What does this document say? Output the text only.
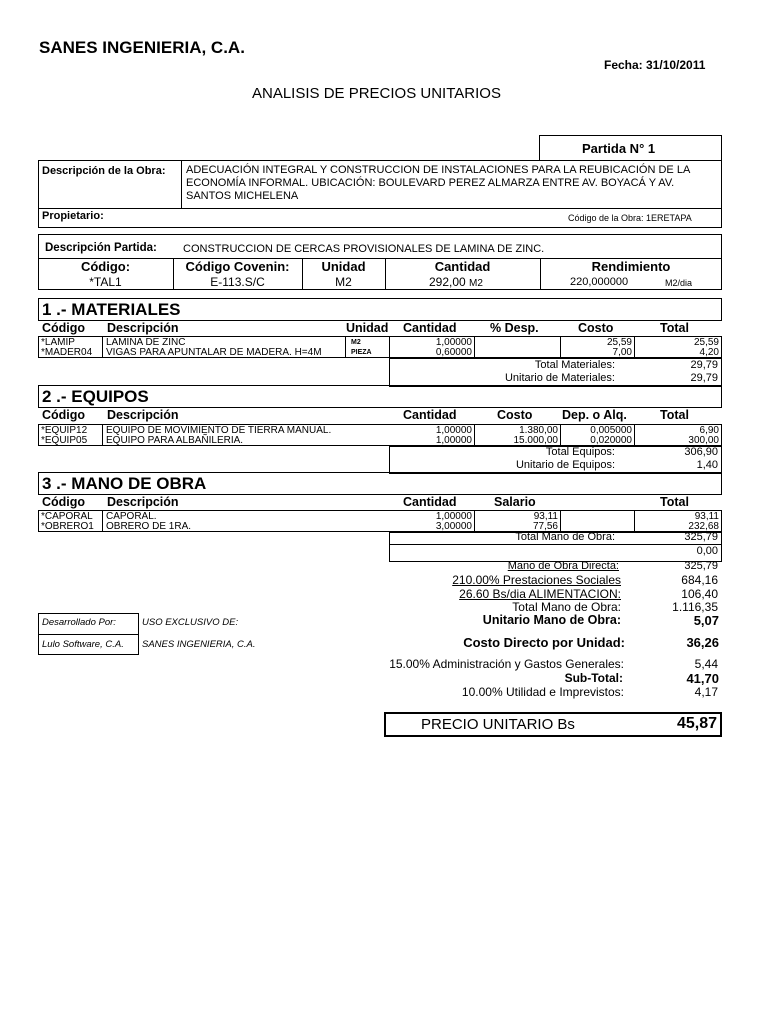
SANES INGENIERIA, C.A.
Fecha: 31/10/2011
ANALISIS DE PRECIOS UNITARIOS
Partida N° 1
Descripción de la Obra: ADECUACIÓN INTEGRAL Y CONSTRUCCION DE INSTALACIONES PARA LA REUBICACIÓN DE LA
ECONOMÍA INFORMAL. UBICACIÓN: BOULEVARD PEREZ ALMARZA ENTRE AV. BOYACÁ Y AV.
SANTOS MICHELENA
Propietario:	Código de la Obra: 1ERETAPA
Descripción Partida: CONSTRUCCION DE CERCAS PROVISIONALES DE LAMINA DE ZINC.
Código:	Código Covenin:	Unidad	Cantidad	Rendimiento
*TAL1	E-113.S/C	M2	292,00 M2	220,000000	M2/dia
1 .- MATERIALES
Código Descripción	Unidad Cantidad	% Desp.	Costo	Total
*LAMIP	LAMINA DE ZINC	M2	1,00000	25,59	25,59
*MADER04 VIGAS PARA APUNTALAR DE MADERA. H=4M	PIEZA	0,60000	7,00	4,20
Total Materiales:	29,79
Unitario de Materiales:	29,79
2 .- EQUIPOS
Código Descripción	Cantidad	Costo Dep. o Alq.	Total
*EQUIP12 EQUIPO DE MOVIMIENTO DE TIERRA MANUAL.	1,00000	1.380,00	0,005000	6,90
*EQUIP05 EQUIPO PARA ALBAÑILERIA.	1,00000	15.000,00	0,020000	300,00
Total Equipos:	306,90
Unitario de Equipos:	1,40
3 .- MANO DE OBRA
Código Descripción	Cantidad	Salario	Total
*CAPORAL CAPORAL.	1,00000	93,11	93,11
*OBRERO1 OBRERO DE 1RA.	3,00000	77,56	232,68
Total Mano de Obra:	325,79
0,00
Mano de Obra Directa:	325,79
210.00% Prestaciones Sociales	684,16
26.60 Bs/dia ALIMENTACION:	106,40
Total Mano de Obra:	1.116,35
Unitario Mano de Obra:	5,07
Desarrollado Por:
Lulo Software, C.A.
USO EXCLUSIVO DE:
SANES INGENIERIA, C.A.	Costo Directo por Unidad:	36,26
15.00% Administración y Gastos Generales:	5,44
Sub-Total:	41,70
10.00% Utilidad e Imprevistos:	4,17
PRECIO UNITARIO Bs	45,87
